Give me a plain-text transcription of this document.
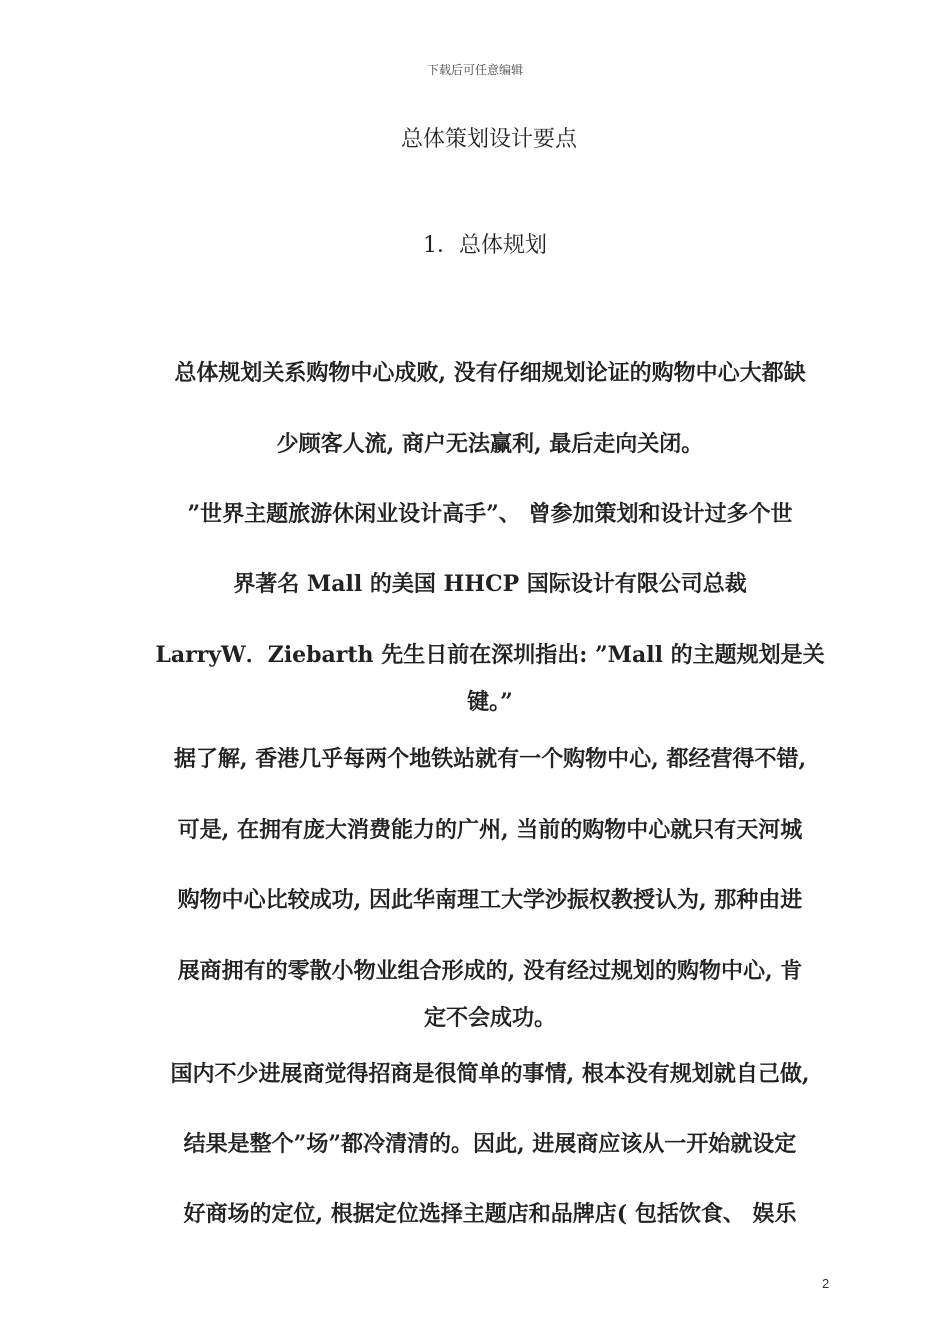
下载后可任意编辑
总体策划设计要点
1．总体规划
总体规划关系购物中心成败, 没有仔细规划论证的购物中心大都缺
少顾客人流, 商户无法赢利, 最后走向关闭。
”世界主题旅游休闲业设计高手”、 曾参加策划和设计过多个世
界著名 Mall 的美国 HHCP 国际设计有限公司总裁
LarryW．Ziebarth 先生日前在深圳指出: ”Mall 的主题规划是关
键。”
据了解, 香港几乎每两个地铁站就有一个购物中心, 都经营得不错,
可是, 在拥有庞大消费能力的广州, 当前的购物中心就只有天河城
购物中心比较成功, 因此华南理工大学沙振权教授认为, 那种由进
展商拥有的零散小物业组合形成的, 没有经过规划的购物中心, 肯
定不会成功。
国内不少进展商觉得招商是很简单的事情, 根本没有规划就自己做,
结果是整个”场”都冷清清的。因此, 进展商应该从一开始就设定
好商场的定位, 根据定位选择主题店和品牌店( 包括饮食、 娱乐
2
